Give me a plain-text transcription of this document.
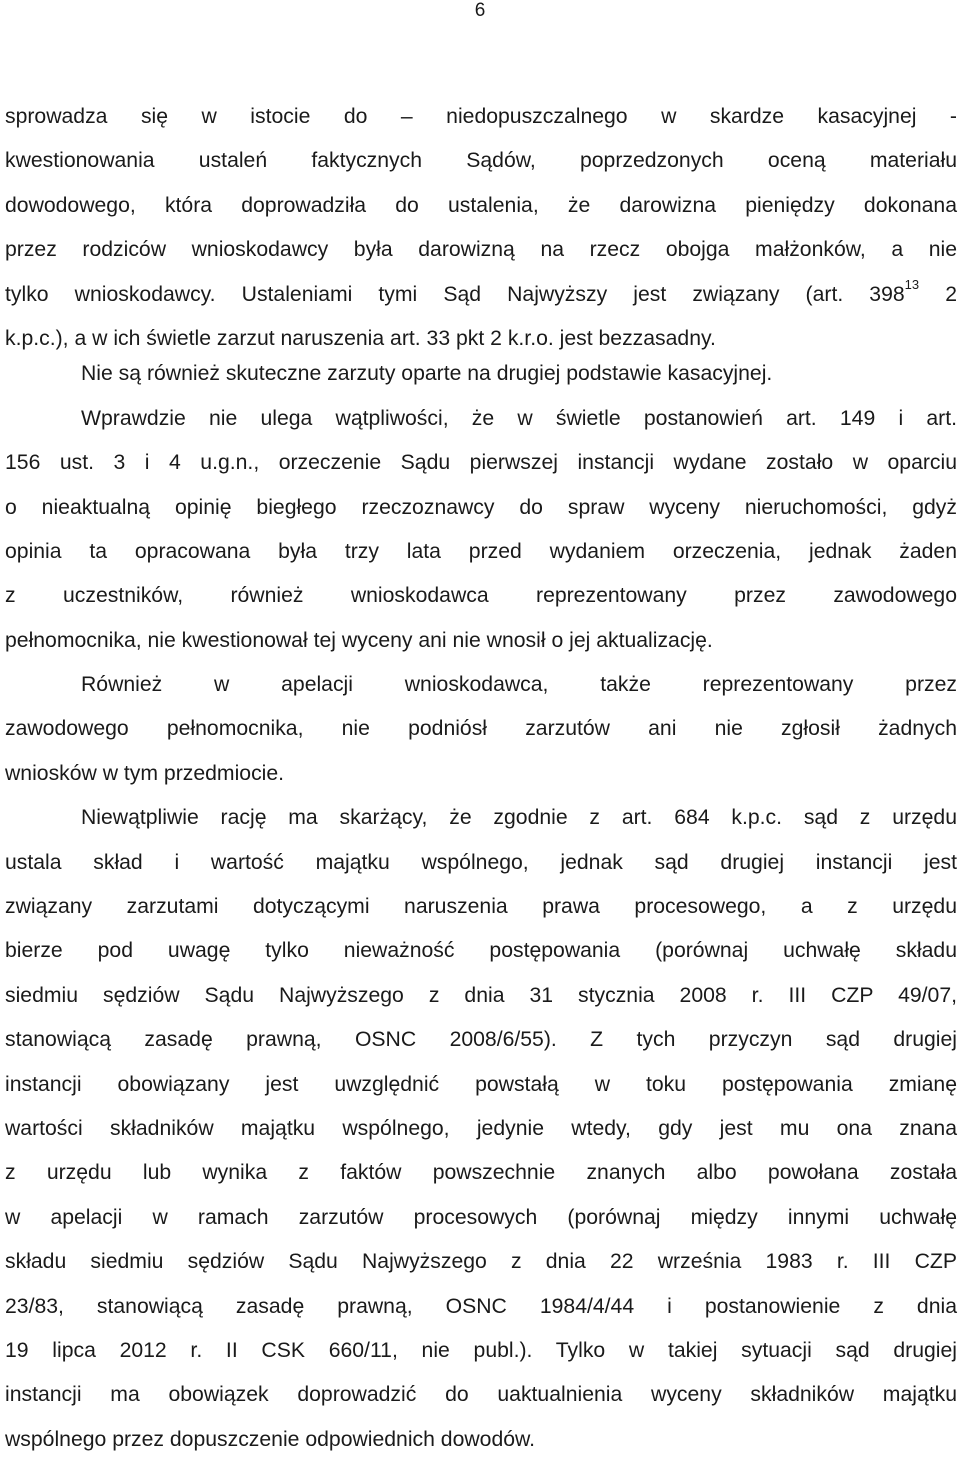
6
sprowadza się w istocie do – niedopuszczalnego w skardze kasacyjnej -
kwestionowania ustaleń faktycznych Sądów, poprzedzonych oceną materiału
dowodowego, która doprowadziła do ustalenia, że darowizna pieniędzy dokonana
przez rodziców wnioskodawcy była darowizną na rzecz obojga małżonków, a nie
tylko wnioskodawcy. Ustaleniami tymi Sąd Najwyższy jest związany (art. $398^{13}$ 2
k.p.c.), a w ich świetle zarzut naruszenia art. 33 pkt 2 k.r.o. jest bezzasadny.
Nie są również skuteczne zarzuty oparte na drugiej podstawie kasacyjnej.
Wprawdzie nie ulega wątpliwości, że w świetle postanowień art. 149 i art.
156 ust. 3 i 4 u.g.n., orzeczenie Sądu pierwszej instancji wydane zostało w oparciu
o nieaktualną opinię biegłego rzeczoznawcy do spraw wyceny nieruchomości, gdyż
opinia ta opracowana była trzy lata przed wydaniem orzeczenia, jednak żaden
z uczestników, również wnioskodawca reprezentowany przez zawodowego
pełnomocnika, nie kwestionował tej wyceny ani nie wnosił o jej aktualizację.
Również w apelacji wnioskodawca, także reprezentowany przez
zawodowego pełnomocnika, nie podniósł zarzutów ani nie zgłosił żadnych
wniosków w tym przedmiocie.
Niewątpliwie rację ma skarżący, że zgodnie z art. 684 k.p.c. sąd z urzędu
ustala skład i wartość majątku wspólnego, jednak sąd drugiej instancji jest
związany zarzutami dotyczącymi naruszenia prawa procesowego, a z urzędu
bierze pod uwagę tylko nieważność postępowania (porównaj uchwałę składu
siedmiu sędziów Sądu Najwyższego z dnia 31 stycznia 2008 r. III CZP 49/07,
stanowiącą zasadę prawną, OSNC 2008/6/55). Z tych przyczyn sąd drugiej
instancji obowiązany jest uwzględnić powstałą w toku postępowania zmianę
wartości składników majątku wspólnego, jedynie wtedy, gdy jest mu ona znana
z urzędu lub wynika z faktów powszechnie znanych albo powołana została
w apelacji w ramach zarzutów procesowych (porównaj między innymi uchwałę
składu siedmiu sędziów Sądu Najwyższego z dnia 22 września 1983 r. III CZP
23/83, stanowiącą zasadę prawną, OSNC 1984/4/44 i postanowienie z dnia
19 lipca 2012 r. II CSK 660/11, nie publ.). Tylko w takiej sytuacji sąd drugiej
instancji ma obowiązek doprowadzić do uaktualnienia wyceny składników majątku
wspólnego przez dopuszczenie odpowiednich dowodów.
